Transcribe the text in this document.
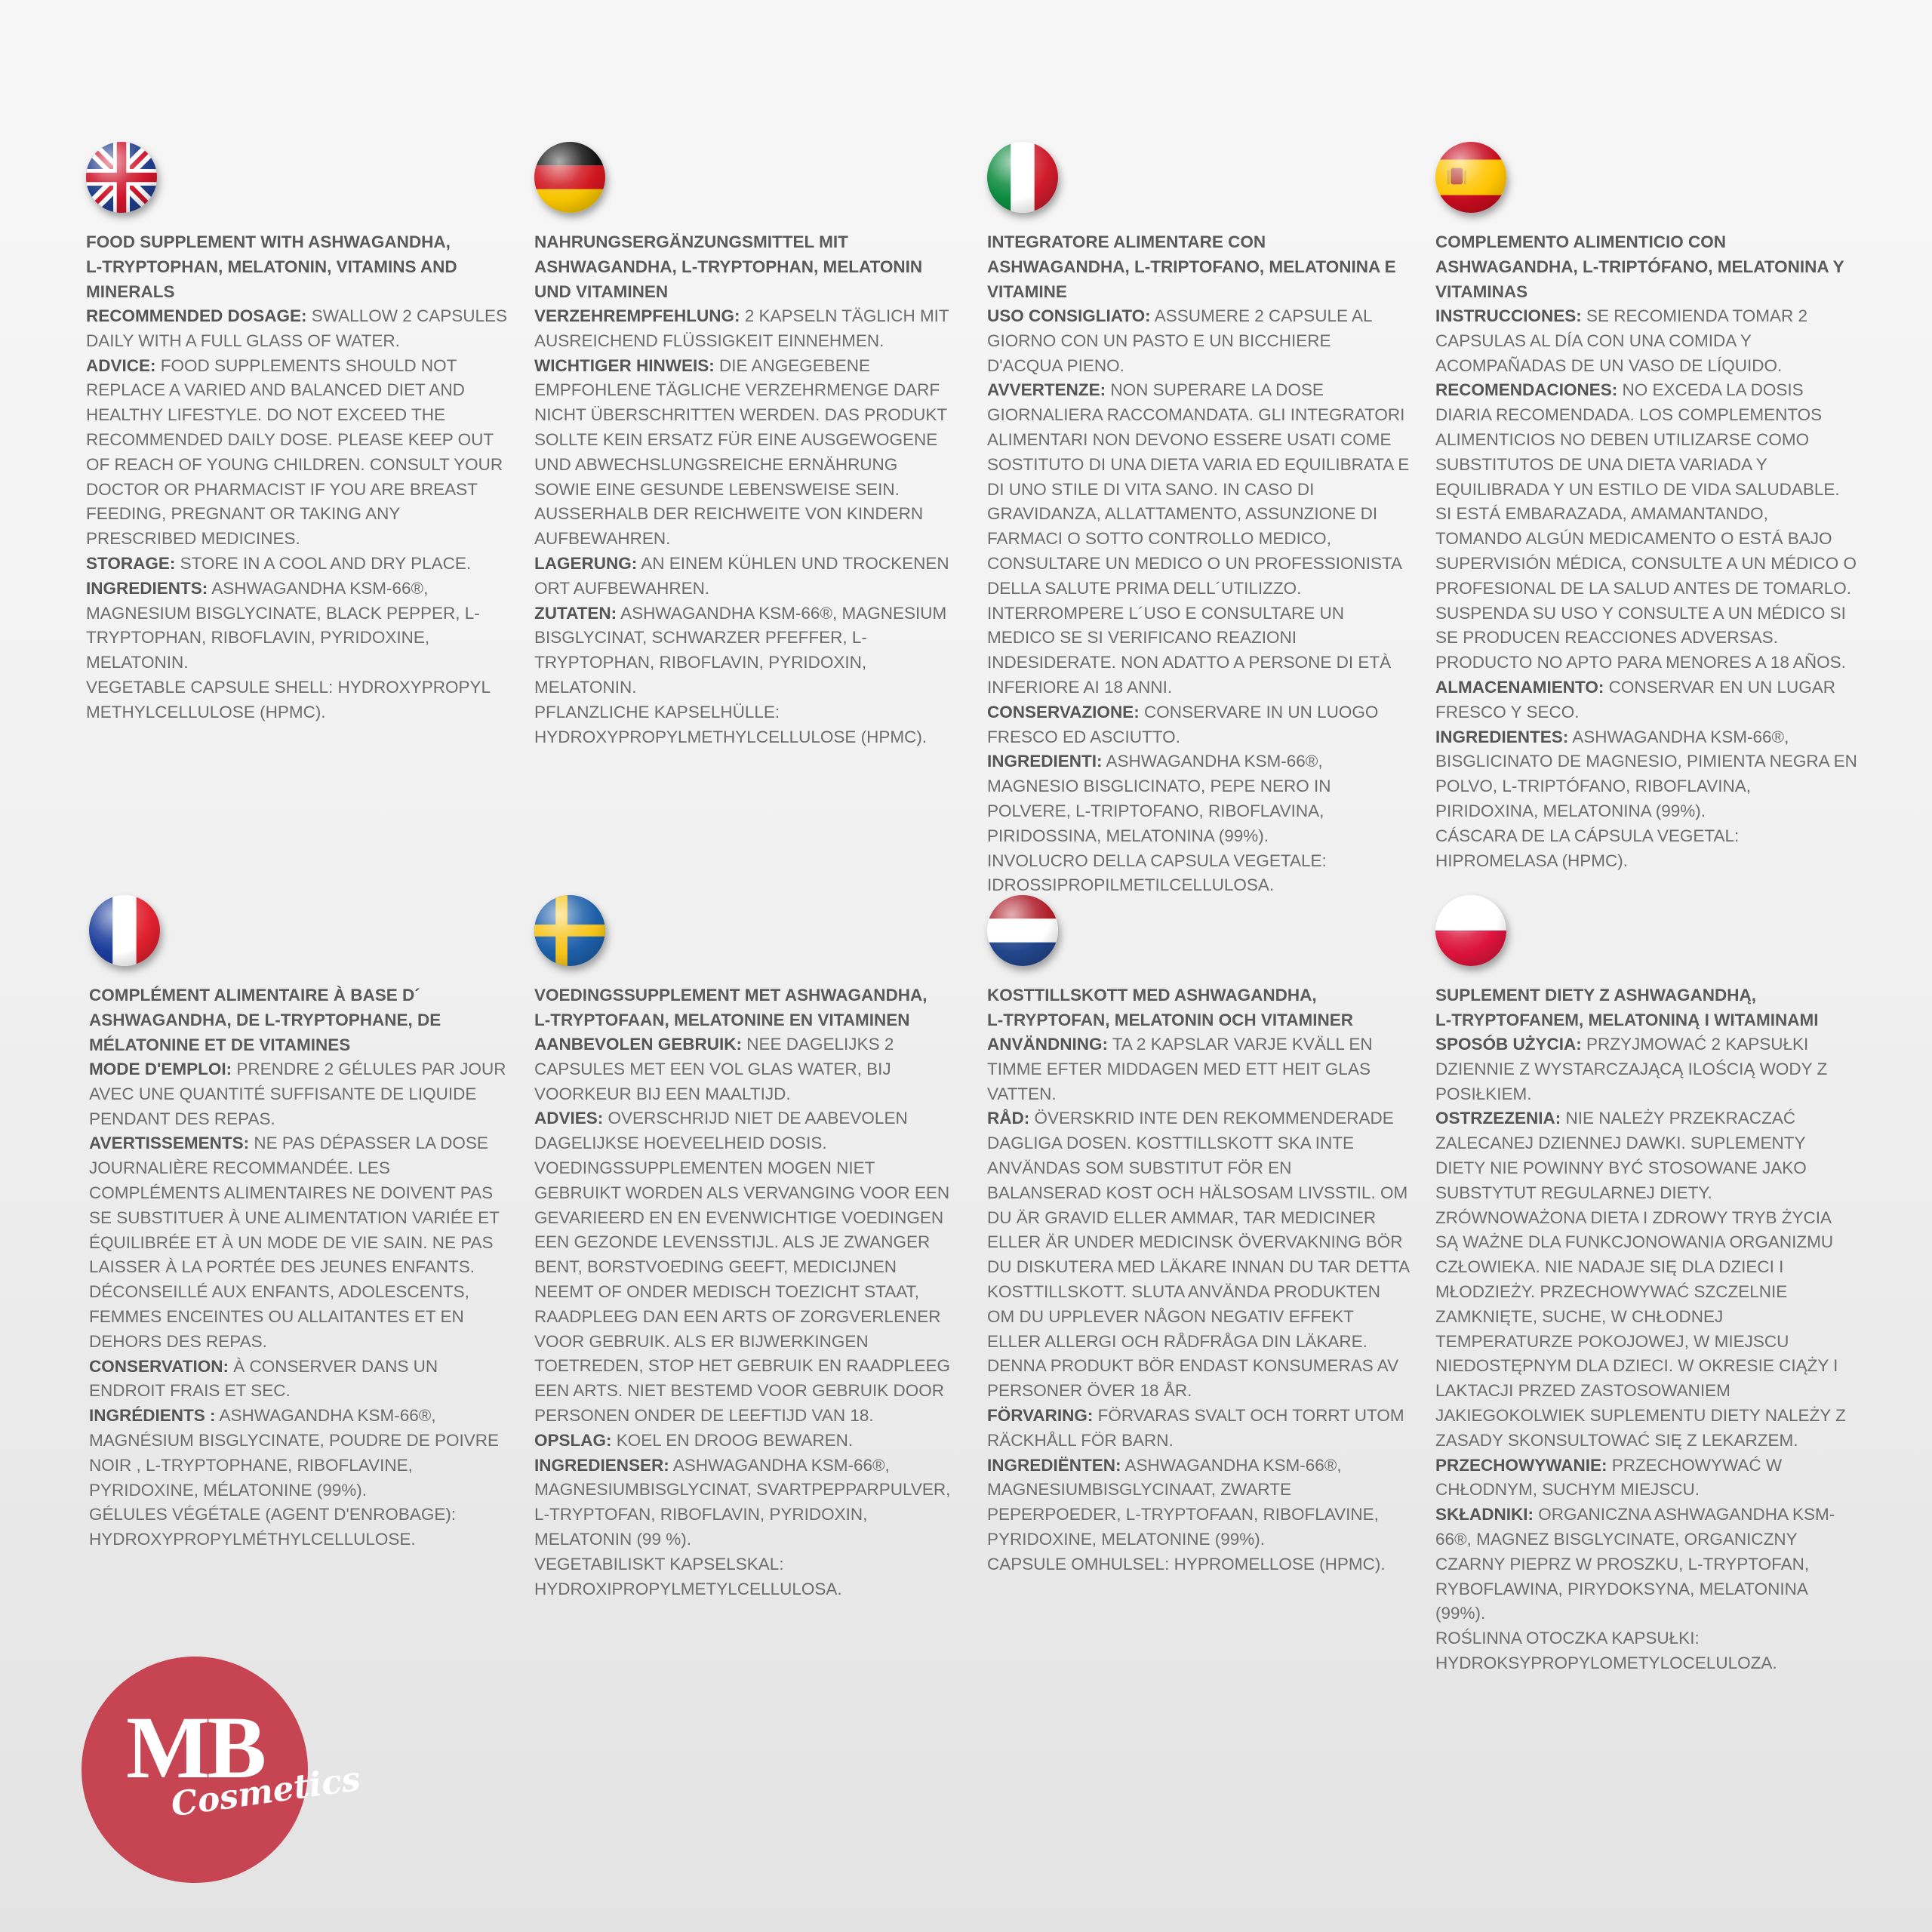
FOOD SUPPLEMENT WITH ASHWAGANDHA,
L-TRYPTOPHAN, MELATONIN, VITAMINS AND
MINERALS

RECOMMENDED DOSAGE: SWALLOW 2 CAPSULES DAILY WITH A FULL GLASS OF WATER.
ADVICE: FOOD SUPPLEMENTS SHOULD NOT REPLACE A VARIED AND BALANCED DIET AND HEALTHY LIFESTYLE. DO NOT EXCEED THE RECOMMENDED DAILY DOSE. PLEASE KEEP OUT OF REACH OF YOUNG CHILDREN. CONSULT YOUR DOCTOR OR PHARMACIST IF YOU ARE BREAST FEEDING, PREGNANT OR TAKING ANY PRESCRIBED MEDICINES.
STORAGE: STORE IN A COOL AND DRY PLACE.
INGREDIENTS: ASHWAGANDHA KSM-66®, MAGNESIUM BISGLYCINATE, BLACK PEPPER, L-TRYPTOPHAN, RIBOFLAVIN, PYRIDOXINE, MELATONIN.
VEGETABLE CAPSULE SHELL: HYDROXYPROPYL METHYLCELLULOSE (HPMC).

NAHRUNGSERGÄNZUNGSMITTEL MIT
ASHWAGANDHA, L-TRYPTOPHAN, MELATONIN
UND VITAMINEN

VERZEHREMPFEHLUNG: 2 KAPSELN TÄGLICH MIT AUSREICHEND FLÜSSIGKEIT EINNEHMEN.
WICHTIGER HINWEIS: DIE ANGEGEBENE EMPFOHLENE TÄGLICHE VERZEHRMENGE DARF NICHT ÜBERSCHRITTEN WERDEN. DAS PRODUKT SOLLTE KEIN ERSATZ FÜR EINE AUSGEWOGENE UND ABWECHSLUNGSREICHE ERNÄHRUNG SOWIE EINE GESUNDE LEBENSWEISE SEIN. AUSSERHALB DER REICHWEITE VON KINDERN AUFBEWAHREN.
LAGERUNG: AN EINEM KÜHLEN UND TROCKENEN ORT AUFBEWAHREN.
ZUTATEN: ASHWAGANDHA KSM-66®, MAGNESIUM BISGLYCINAT, SCHWARZER PFEFFER, L-TRYPTOPHAN, RIBOFLAVIN, PYRIDOXIN, MELATONIN.
PFLANZLICHE KAPSELHÜLLE: HYDROXYPROPYLMETHYLCELLULOSE (HPMC).

INTEGRATORE ALIMENTARE CON
ASHWAGANDHA, L-TRIPTOFANO, MELATONINA E
VITAMINE

USO CONSIGLIATO: ASSUMERE 2 CAPSULE AL GIORNO CON UN PASTO E UN BICCHIERE D'ACQUA PIENO.
AVVERTENZE: NON SUPERARE LA DOSE GIORNALIERA RACCOMANDATA. GLI INTEGRATORI ALIMENTARI NON DEVONO ESSERE USATI COME SOSTITUTO DI UNA DIETA VARIA ED EQUILIBRATA E DI UNO STILE DI VITA SANO. IN CASO DI GRAVIDANZA, ALLATTAMENTO, ASSUNZIONE DI FARMACI O SOTTO CONTROLLO MEDICO, CONSULTARE UN MEDICO O UN PROFESSIONISTA DELLA SALUTE PRIMA DELL´UTILIZZO. INTERROMPERE L´USO E CONSULTARE UN MEDICO SE SI VERIFICANO REAZIONI INDESIDERATE. NON ADATTO A PERSONE DI ETÀ INFERIORE AI 18 ANNI.
CONSERVAZIONE: CONSERVARE IN UN LUOGO FRESCO ED ASCIUTTO.
INGREDIENTI: ASHWAGANDHA KSM-66®, MAGNESIO BISGLICINATO, PEPE NERO IN POLVERE, L-TRIPTOFANO, RIBOFLAVINA, PIRIDOSSINA, MELATONINA (99%).
INVOLUCRO DELLA CAPSULA VEGETALE: IDROSSIPROPILMETILCELLULOSA.

COMPLEMENTO ALIMENTICIO CON
ASHWAGANDHA, L-TRIPTÓFANO, MELATONINA Y
VITAMINAS

INSTRUCCIONES: SE RECOMIENDA TOMAR 2 CAPSULAS AL DÍA CON UNA COMIDA Y ACOMPAÑADAS DE UN VASO DE LÍQUIDO.
RECOMENDACIONES: NO EXCEDA LA DOSIS DIARIA RECOMENDADA. LOS COMPLEMENTOS ALIMENTICIOS NO DEBEN UTILIZARSE COMO SUBSTITUTOS DE UNA DIETA VARIADA Y EQUILIBRADA Y UN ESTILO DE VIDA SALUDABLE. SI ESTÁ EMBARAZADA, AMAMANTANDO, TOMANDO ALGÚN MEDICAMENTO O ESTÁ BAJO SUPERVISIÓN MÉDICA, CONSULTE A UN MÉDICO O PROFESIONAL DE LA SALUD ANTES DE TOMARLO. SUSPENDA SU USO Y CONSULTE A UN MÉDICO SI SE PRODUCEN REACCIONES ADVERSAS. PRODUCTO NO APTO PARA MENORES A 18 AÑOS.
ALMACENAMIENTO: CONSERVAR EN UN LUGAR FRESCO Y SECO.
INGREDIENTES: ASHWAGANDHA KSM-66®, BISGLICINATO DE MAGNESIO, PIMIENTA NEGRA EN POLVO, L-TRIPTÓFANO, RIBOFLAVINA, PIRIDOXINA, MELATONINA (99%).
CÁSCARA DE LA CÁPSULA VEGETAL: HIPROMELASA (HPMC).

COMPLÉMENT ALIMENTAIRE À BASE D´
ASHWAGANDHA, DE L-TRYPTOPHANE, DE
MÉLATONINE ET DE VITAMINES

MODE D'EMPLOI: PRENDRE 2 GÉLULES PAR JOUR AVEC UNE QUANTITÉ SUFFISANTE DE LIQUIDE PENDANT DES REPAS.
AVERTISSEMENTS: NE PAS DÉPASSER LA DOSE JOURNALIÈRE RECOMMANDÉE. LES COMPLÉMENTS ALIMENTAIRES NE DOIVENT PAS SE SUBSTITUER À UNE ALIMENTATION VARIÉE ET ÉQUILIBRÉE ET À UN MODE DE VIE SAIN. NE PAS LAISSER À LA PORTÉE DES JEUNES ENFANTS. DÉCONSEILLÉ AUX ENFANTS, ADOLESCENTS, FEMMES ENCEINTES OU ALLAITANTES ET EN DEHORS DES REPAS.
CONSERVATION: À CONSERVER DANS UN ENDROIT FRAIS ET SEC.
INGRÉDIENTS : ASHWAGANDHA KSM-66®, MAGNÉSIUM BISGLYCINATE, POUDRE DE POIVRE NOIR , L-TRYPTOPHANE, RIBOFLAVINE, PYRIDOXINE, MÉLATONINE (99%).
GÉLULES VÉGÉTALE (AGENT D'ENROBAGE): HYDROXYPROPYLMÉTHYLCELLULOSE.

VOEDINGSSUPPLEMENT MET ASHWAGANDHA,
L-TRYPTOFAAN, MELATONINE EN VITAMINEN

AANBEVOLEN GEBRUIK: NEE DAGELIJKS 2 CAPSULES MET EEN VOL GLAS WATER, BIJ VOORKEUR BIJ EEN MAALTIJD.
ADVIES: OVERSCHRIJD NIET DE AABEVOLEN DAGELIJKSE HOEVEELHEID DOSIS. VOEDINGSSUPPLEMENTEN MOGEN NIET GEBRUIKT WORDEN ALS VERVANGING VOOR EEN GEVARIEERD EN EN EVENWICHTIGE VOEDINGEN EEN GEZONDE LEVENSSTIJL. ALS JE ZWANGER BENT, BORSTVOEDING GEEFT, MEDICIJNEN NEEMT OF ONDER MEDISCH TOEZICHT STAAT, RAADPLEEG DAN EEN ARTS OF ZORGVERLENER VOOR GEBRUIK. ALS ER BIJWERKINGEN TOETREDEN, STOP HET GEBRUIK EN RAADPLEEG EEN ARTS. NIET BESTEMD VOOR GEBRUIK DOOR PERSONEN ONDER DE LEEFTIJD VAN 18.
OPSLAG: KOEL EN DROOG BEWAREN.
INGREDIENSER: ASHWAGANDHA KSM-66®, MAGNESIUMBISGLYCINAT, SVARTPEPPARPULVER, L-TRYPTOFAN, RIBOFLAVIN, PYRIDOXIN, MELATONIN (99 %).
VEGETABILISKT KAPSELSKAL: HYDROXIPROPYLMETYLCELLULOSA.

KOSTTILLSKOTT MED ASHWAGANDHA,
L-TRYPTOFAN, MELATONIN OCH VITAMINER

ANVÄNDNING: TA 2 KAPSLAR VARJE KVÄLL EN TIMME EFTER MIDDAGEN MED ETT HEIT GLAS VATTEN.
RÅD: ÖVERSKRID INTE DEN REKOMMENDERADE DAGLIGA DOSEN. KOSTTILLSKOTT SKA INTE ANVÄNDAS SOM SUBSTITUT FÖR EN BALANSERAD KOST OCH HÄLSOSAM LIVSSTIL. OM DU ÄR GRAVID ELLER AMMAR, TAR MEDICINER ELLER ÄR UNDER MEDICINSK ÖVERVAKNING BÖR DU DISKUTERA MED LÄKARE INNAN DU TAR DETTA KOSTTILLSKOTT. SLUTA ANVÄNDA PRODUKTEN OM DU UPPLEVER NÅGON NEGATIV EFFEKT ELLER ALLERGI OCH RÅDFRÅGA DIN LÄKARE. DENNA PRODUKT BÖR ENDAST KONSUMERAS AV PERSONER ÖVER 18 ÅR.
FÖRVARING: FÖRVARAS SVALT OCH TORRT UTOM RÄCKHÅLL FÖR BARN.
INGREDIËNTEN: ASHWAGANDHA KSM-66®, MAGNESIUMBISGLYCINAAT, ZWARTE PEPERPOEDER, L-TRYPTOFAAN, RIBOFLAVINE, PYRIDOXINE, MELATONINE (99%).
CAPSULE OMHULSEL: HYPROMELLOSE (HPMC).

SUPLEMENT DIETY Z ASHWAGANDHĄ,
L-TRYPTOFANEM, MELATONINĄ I WITAMINAMI

SPOSÓB UŻYCIA: PRZYJMOWAĆ 2 KAPSUŁKI DZIENNIE Z WYSTARCZAJĄCĄ ILOŚCIĄ WODY Z POSIŁKIEM.
OSTRZEZENIA: NIE NALEŻY PRZEKRACZAĆ ZALECANEJ DZIENNEJ DAWKI. SUPLEMENTY DIETY NIE POWINNY BYĆ STOSOWANE JAKO SUBSTYTUT REGULARNEJ DIETY. ZRÓWNOWAŻONA DIETA I ZDROWY TRYB ŻYCIA SĄ WAŻNE DLA FUNKCJONOWANIA ORGANIZMU CZŁOWIEKA. NIE NADAJE SIĘ DLA DZIECI I MŁODZIEŻY. PRZECHOWYWAĆ SZCZELNIE ZAMKNIĘTE, SUCHE, W CHŁODNEJ TEMPERATURZE POKOJOWEJ, W MIEJSCU NIEDOSTĘPNYM DLA DZIECI. W OKRESIE CIĄŻY I LAKTACJI PRZED ZASTOSOWANIEM JAKIEGOKOLWIEK SUPLEMENTU DIETY NALEŻY Z ZASADY SKONSULTOWAĆ SIĘ Z LEKARZEM.
PRZECHOWYWANIE: PRZECHOWYWAĆ W CHŁODNYM, SUCHYM MIEJSCU.
SKŁADNIKI: ORGANICZNA ASHWAGANDHA KSM-66®, MAGNEZ BISGLYCINATE, ORGANICZNY CZARNY PIEPRZ W PROSZKU, L-TRYPTOFAN, RYBOFLAWINA, PIRYDOKSYNA, MELATONINA (99%).
ROŚLINNA OTOCZKA KAPSUŁKI: HYDROKSYPROPYLOMETYLOCELULOZA.

MB
Cosmetics
